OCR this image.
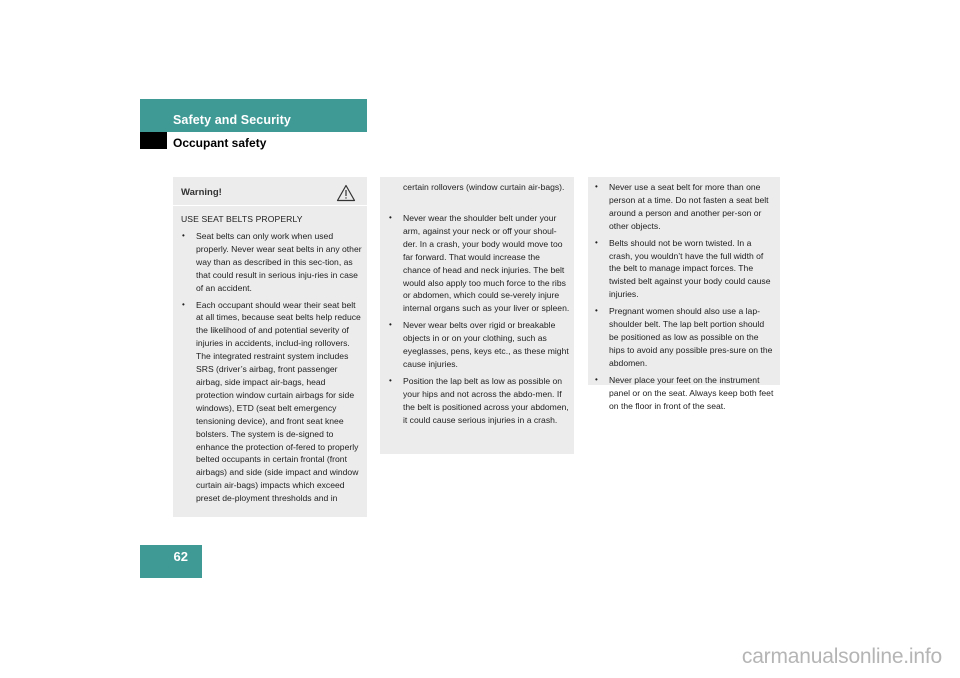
Safety and Security
Occupant safety
62
Warning!
USE SEAT BELTS PROPERLY
• Seat belts can only work when used properly. Never wear seat belts in any other way than as described in this sec-tion, as that could result in serious inju-ries in case of an accident.
• Each occupant should wear their seat belt at all times, because seat belts help reduce the likelihood of and potential severity of injuries in accidents, includ-ing rollovers. The integrated restraint system includes SRS (driver’s airbag, front passenger airbag, side impact air-bags, head protection window curtain airbags for side windows), ETD (seat belt emergency tensioning device), and front seat knee bolsters. The system is de-signed to enhance the protection of-fered to properly belted occupants in certain frontal (front airbags) and side (side impact and window curtain air-bags) impacts which exceed preset de-ployment thresholds and in

certain rollovers (window curtain air-bags).

• Never wear the shoulder belt under your arm, against your neck or off your shoul-der. In a crash, your body would move too far forward. That would increase the chance of head and neck injuries. The belt would also apply too much force to the ribs or abdomen, which could se-verely injure internal organs such as your liver or spleen.
• Never wear belts over rigid or breakable objects in or on your clothing, such as eyeglasses, pens, keys etc., as these might cause injuries.
• Position the lap belt as low as possible on your hips and not across the abdo-men. If the belt is positioned across your abdomen, it could cause serious injuries in a crash.
• Never use a seat belt for more than one person at a time. Do not fasten a seat belt around a person and another per-son or other objects.
• Belts should not be worn twisted. In a crash, you wouldn’t have the full width of the belt to manage impact forces. The twisted belt against your body could cause injuries.
• Pregnant women should also use a lap-shoulder belt. The lap belt portion should be positioned as low as possible on the hips to avoid any possible pres-sure on the abdomen.
• Never place your feet on the instrument panel or on the seat. Always keep both feet on the floor in front of the seat.
carmanualsonline.info
